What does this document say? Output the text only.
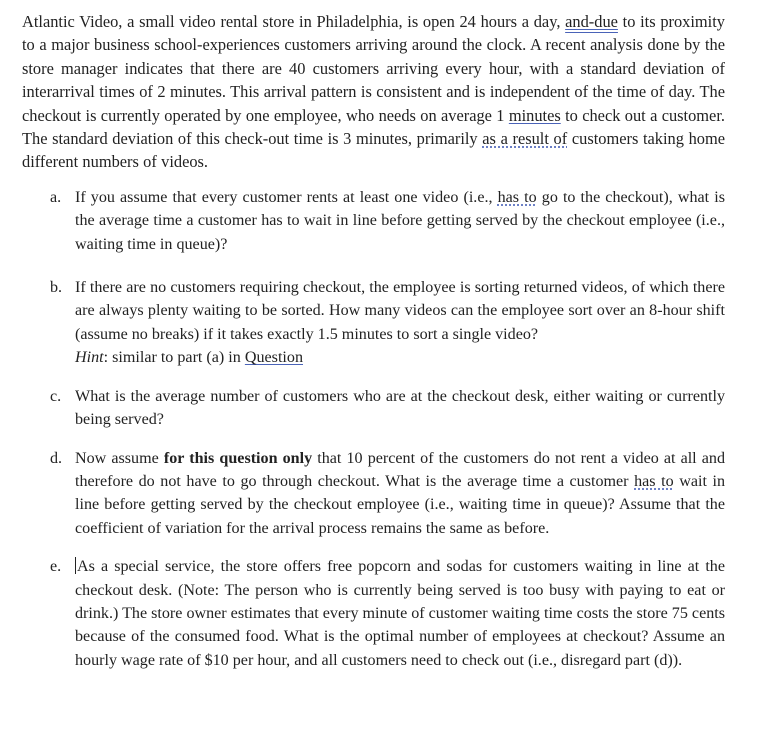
Atlantic Video, a small video rental store in Philadelphia, is open 24 hours a day, and-due to its proximity to a major business school-experiences customers arriving around the clock. A recent analysis done by the store manager indicates that there are 40 customers arriving every hour, with a standard deviation of interarrival times of 2 minutes. This arrival pattern is consistent and is independent of the time of day. The checkout is currently operated by one employee, who needs on average 1 minutes to check out a customer. The standard deviation of this check-out time is 3 minutes, primarily as a result of customers taking home different numbers of videos.

a. If you assume that every customer rents at least one video (i.e., has to go to the checkout), what is the average time a customer has to wait in line before getting served by the checkout employee (i.e., waiting time in queue)?

b. If there are no customers requiring checkout, the employee is sorting returned videos, of which there are always plenty waiting to be sorted. How many videos can the employee sort over an 8-hour shift (assume no breaks) if it takes exactly 1.5 minutes to sort a single video?

Hint: similar to part (a) in Question

c. What is the average number of customers who are at the checkout desk, either waiting or currently being served?

d. Now assume for this question only that 10 percent of the customers do not rent a video at all and therefore do not have to go through checkout. What is the average time a customer has to wait in line before getting served by the checkout employee (i.e., waiting time in queue)? Assume that the coefficient of variation for the arrival process remains the same as before.

e. As a special service, the store offers free popcorn and sodas for customers waiting in line at the checkout desk. (Note: The person who is currently being served is too busy with paying to eat or drink.) The store owner estimates that every minute of customer waiting time costs the store 75 cents because of the consumed food. What is the optimal number of employees at checkout? Assume an hourly wage rate of $10 per hour, and all customers need to check out (i.e., disregard part (d)).
